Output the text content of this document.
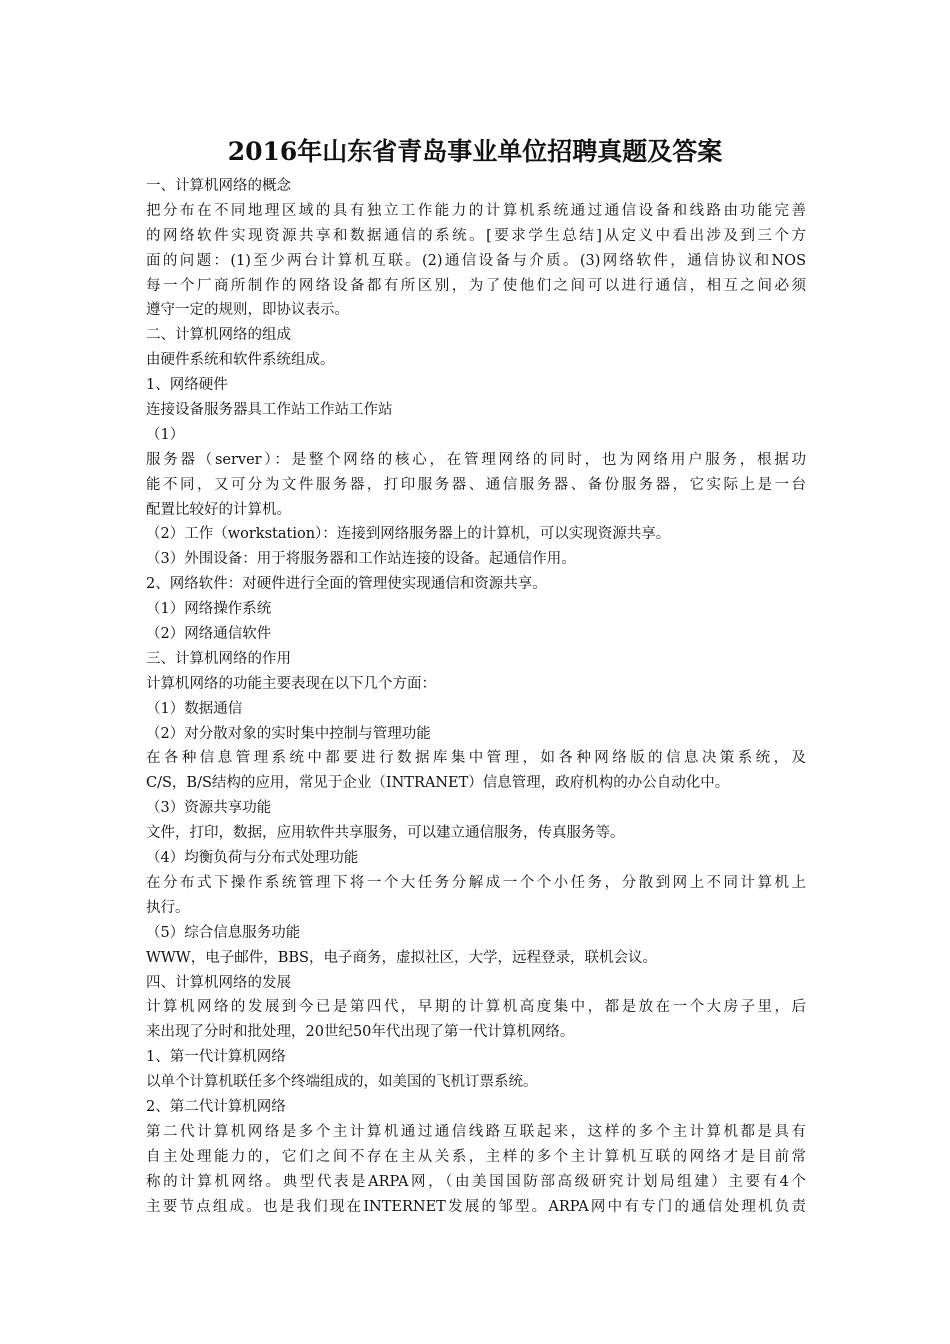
2016年山东省青岛事业单位招聘真题及答案
一、计算机网络的概念
把分布在不同地理区域的具有独立工作能力的计算机系统通过通信设备和线路由功能完善
的网络软件实现资源共享和数据通信的系统。[要求学生总结]从定义中看出涉及到三个方
面的问题：(1)至少两台计算机互联。(2)通信设备与介质。(3)网络软件，通信协议和NOS
每一个厂商所制作的网络设备都有所区别，为了使他们之间可以进行通信，相互之间必须
遵守一定的规则，即协议表示。
二、计算机网络的组成
由硬件系统和软件系统组成。
1、网络硬件
连接设备服务器具工作站工作站工作站
（1）
服务器（server）：是整个网络的核心，在管理网络的同时，也为网络用户服务，根据功
能不同，又可分为文件服务器，打印服务器、通信服务器、备份服务器，它实际上是一台
配置比较好的计算机。
（2）工作（workstation）：连接到网络服务器上的计算机，可以实现资源共享。
（3）外围设备：用于将服务器和工作站连接的设备。起通信作用。
2、网络软件：对硬件进行全面的管理使实现通信和资源共享。
（1）网络操作系统
（2）网络通信软件
三、计算机网络的作用
计算机网络的功能主要表现在以下几个方面：
（1）数据通信
（2）对分散对象的实时集中控制与管理功能
在各种信息管理系统中都要进行数据库集中管理，如各种网络版的信息决策系统，及
C/S，B/S结构的应用，常见于企业（INTRANET）信息管理，政府机构的办公自动化中。
（3）资源共享功能
文件，打印，数据，应用软件共享服务，可以建立通信服务，传真服务等。
（4）均衡负荷与分布式处理功能
在分布式下操作系统管理下将一个大任务分解成一个个小任务，分散到网上不同计算机上
执行。
（5）综合信息服务功能
WWW，电子邮件，BBS，电子商务，虚拟社区，大学，远程登录，联机会议。
四、计算机网络的发展
计算机网络的发展到今已是第四代，早期的计算机高度集中，都是放在一个大房子里，后
来出现了分时和批处理，20世纪50年代出现了第一代计算机网络。
1、第一代计算机网络
以单个计算机联任多个终端组成的，如美国的飞机订票系统。
2、第二代计算机网络
第二代计算机网络是多个主计算机通过通信线路互联起来，这样的多个主计算机都是具有
自主处理能力的，它们之间不存在主从关系，主样的多个主计算机互联的网络才是目前常
称的计算机网络。典型代表是ARPA网，（由美国国防部高级研究计划局组建）主要有4个
主要节点组成。也是我们现在INTERNET发展的邹型。ARPA网中有专门的通信处理机负责
